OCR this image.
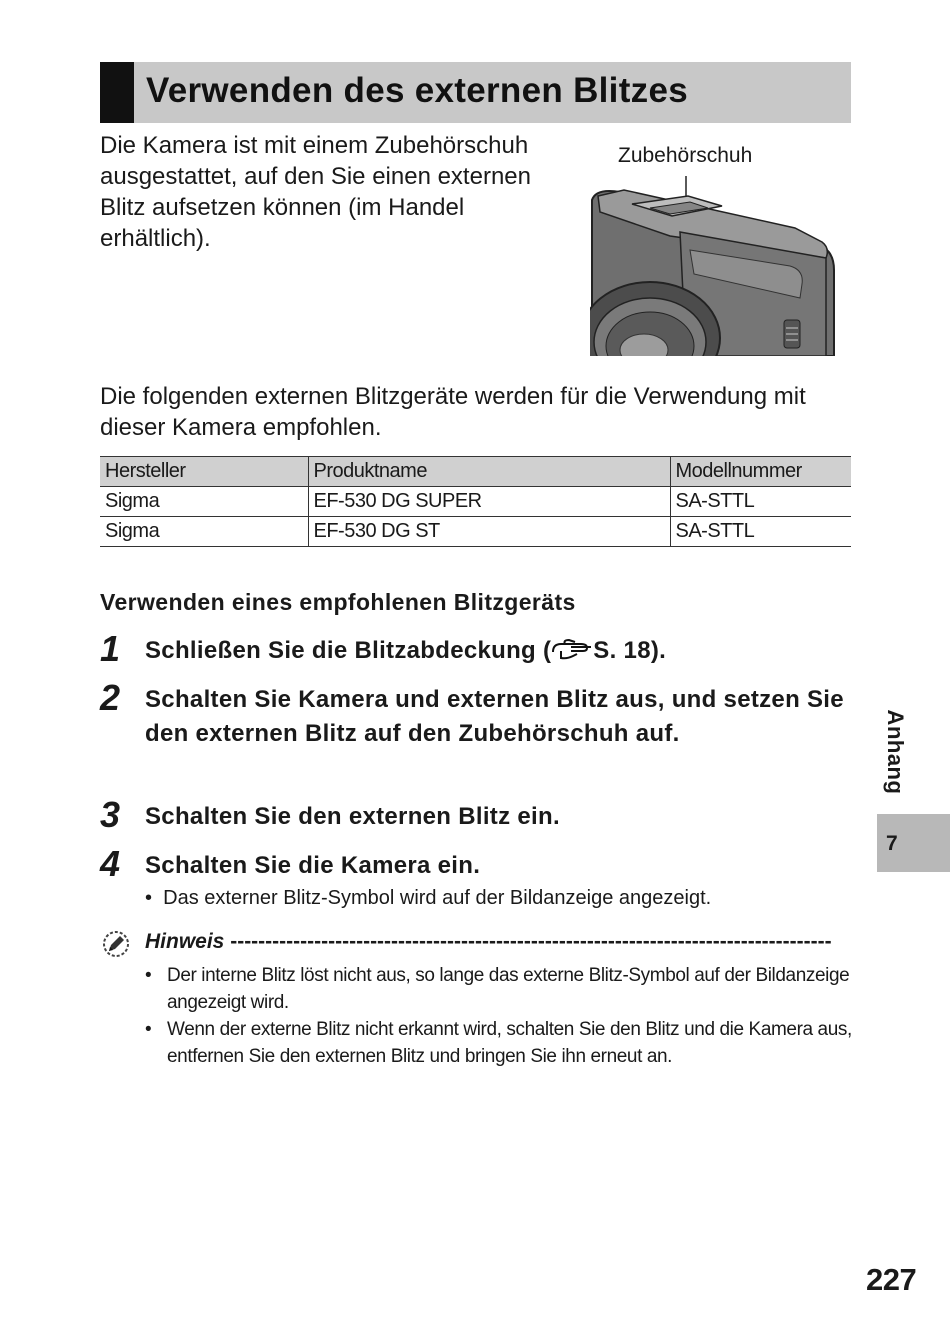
Verwenden des externen Blitzes
Die Kamera ist mit einem Zubehörschuh ausgestattet, auf den Sie einen externen Blitz aufsetzen können (im Handel erhältlich).
Zubehörschuh
Die folgenden externen Blitzgeräte werden für die Verwendung mit dieser Kamera empfohlen.
Hersteller	Produktname	Modellnummer
Sigma	EF-530 DG SUPER	SA-STTL
Sigma	EF-530 DG ST	SA-STTL
Verwenden eines empfohlenen Blitzgeräts
1 Schließen Sie die Blitzabdeckung ( S. 18).
2 Schalten Sie Kamera und externen Blitz aus, und setzen Sie den externen Blitz auf den Zubehörschuh auf.
3 Schalten Sie den externen Blitz ein.
4 Schalten Sie die Kamera ein.
• Das externer Blitz-Symbol wird auf der Bildanzeige angezeigt.
Hinweis --------------------------------------------------------------------------------------
• Der interne Blitz löst nicht aus, so lange das externe Blitz-Symbol auf der Bildanzeige angezeigt wird.
• Wenn der externe Blitz nicht erkannt wird, schalten Sie den Blitz und die Kamera aus, entfernen Sie den externen Blitz und bringen Sie ihn erneut an.
Anhang
7
227
